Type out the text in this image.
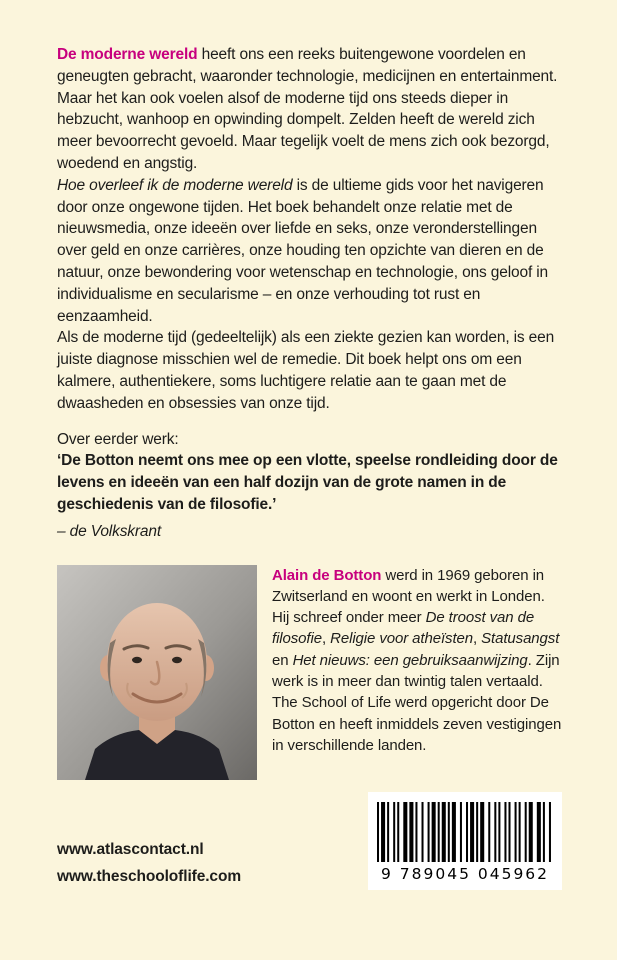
De moderne wereld heeft ons een reeks buitengewone voordelen en geneugten gebracht, waaronder technologie, medicijnen en entertainment. Maar het kan ook voelen alsof de moderne tijd ons steeds dieper in hebzucht, wanhoop en opwinding dompelt. Zelden heeft de wereld zich meer bevoorrecht gevoeld. Maar tegelijk voelt de mens zich ook bezorgd, woedend en angstig.

Hoe overleef ik de moderne wereld is de ultieme gids voor het navigeren door onze ongewone tijden. Het boek behandelt onze relatie met de nieuwsmedia, onze ideeën over liefde en seks, onze veronderstellingen over geld en onze carrières, onze houding ten opzichte van dieren en de natuur, onze bewondering voor wetenschap en technologie, ons geloof in individualisme en secularisme – en onze verhouding tot rust en eenzaamheid.

Als de moderne tijd (gedeeltelijk) als een ziekte gezien kan worden, is een juiste diagnose misschien wel de remedie. Dit boek helpt ons om een kalmere, authentiekere, soms luchtigere relatie aan te gaan met de dwaasheden en obsessies van onze tijd.

Over eerder werk:

‘De Botton neemt ons mee op een vlotte, speelse rondleiding door de levens en ideeën van een half dozijn van de grote namen in de geschiedenis van de filosofie.’

– de Volkskrant

Alain de Botton werd in 1969 geboren in Zwitserland en woont en werkt in Londen. Hij schreef onder meer De troost van de filosofie, Religie voor atheïsten, Statusangst en Het nieuws: een gebruiksaanwijzing. Zijn werk is in meer dan twintig talen vertaald. The School of Life werd opgericht door De Botton en heeft inmiddels zeven vestigingen in verschillende landen.

www.atlascontact.nl

www.theschooloflife.com	9 789045 045962
